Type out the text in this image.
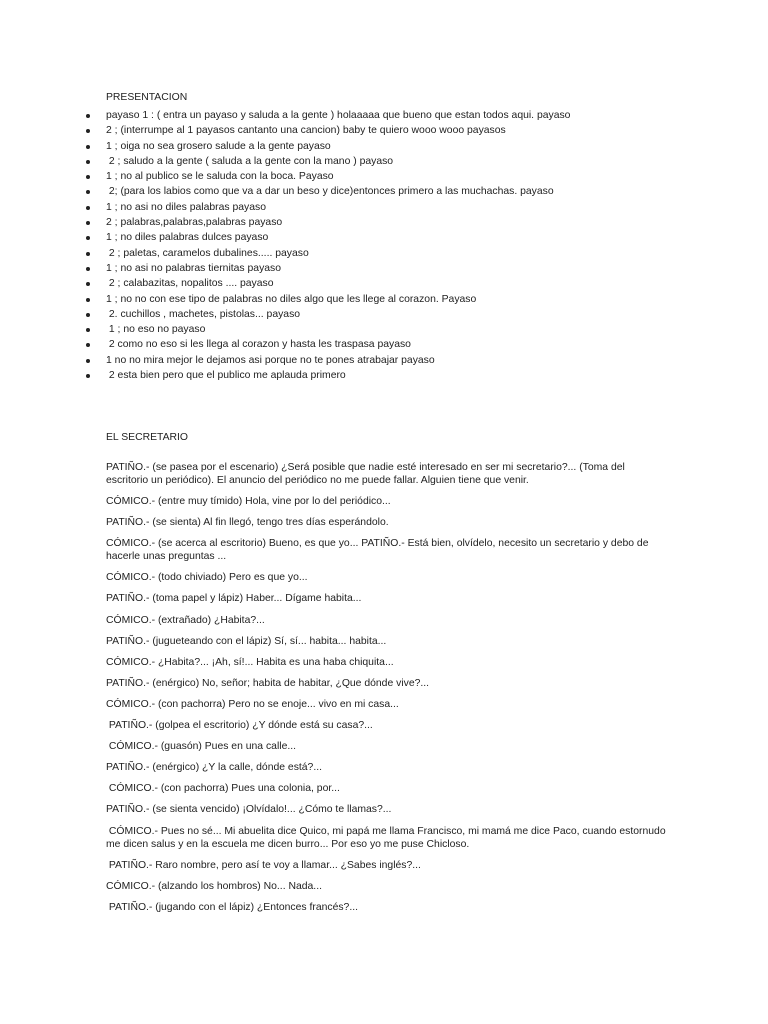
PRESENTACION
payaso 1 : ( entra un payaso y saluda a la gente ) holaaaaa que bueno que estan todos aqui. payaso
2 ; (interrumpe al 1 payasos cantanto una cancion) baby te quiero wooo wooo payasos
1 ; oiga no sea grosero salude a la gente payaso
2 ; saludo a la gente ( saluda a la gente con la mano ) payaso
1 ; no al publico se le saluda con la boca. Payaso
2; (para los labios como que va a dar un beso y dice)entonces primero a las muchachas. payaso
1 ; no asi no diles palabras payaso
2 ; palabras,palabras,palabras payaso
1 ; no diles palabras dulces payaso
2 ; paletas, caramelos dubalines..... payaso
1 ; no asi no palabras tiernitas payaso
2 ; calabazitas, nopalitos .... payaso
1 ; no no con ese tipo de palabras no diles algo que les llege al corazon. Payaso
2. cuchillos , machetes, pistolas... payaso
1 ; no eso no payaso
2 como no eso si les llega al corazon y hasta les traspasa payaso
1 no no mira mejor le dejamos asi porque no te pones atrabajar payaso
2 esta bien pero que el publico me aplauda primero
EL SECRETARIO

PATIÑO.- (se pasea por el escenario) ¿Será posible que nadie esté interesado en ser mi secretario?... (Toma del escritorio un periódico). El anuncio del periódico no me puede fallar. Alguien tiene que venir.

CÓMICO.- (entre muy tímido) Hola, vine por lo del periódico...

PATIÑO.- (se sienta) Al fin llegó, tengo tres días esperándolo.

CÓMICO.- (se acerca al escritorio) Bueno, es que yo... PATIÑO.- Está bien, olvídelo, necesito un secretario y debo de hacerle unas preguntas ...

CÓMICO.- (todo chiviado) Pero es que yo...

PATIÑO.- (toma papel y lápiz) Haber... Dígame habita...

CÓMICO.- (extrañado) ¿Habita?...

PATIÑO.- (jugueteando con el lápiz) Sí, sí... habita... habita...

CÓMICO.- ¿Habita?... ¡Ah, sí!... Habita es una haba chiquita...

PATIÑO.- (enérgico) No, señor; habita de habitar, ¿Que dónde vive?...

CÓMICO.- (con pachorra) Pero no se enoje... vivo en mi casa...

PATIÑO.- (golpea el escritorio) ¿Y dónde está su casa?...

CÓMICO.- (guasón) Pues en una calle...

PATIÑO.- (enérgico) ¿Y la calle, dónde está?...

CÓMICO.- (con pachorra) Pues una colonia, por...

PATIÑO.- (se sienta vencido) ¡Olvídalo!... ¿Cómo te llamas?...

CÓMICO.- Pues no sé... Mi abuelita dice Quico, mi papá me llama Francisco, mi mamá me dice Paco, cuando estornudo me dicen salus y en la escuela me dicen burro... Por eso yo me puse Chicloso.

PATIÑO.- Raro nombre, pero así te voy a llamar... ¿Sabes inglés?...

CÓMICO.- (alzando los hombros) No... Nada...

PATIÑO.- (jugando con el lápiz) ¿Entonces francés?...
